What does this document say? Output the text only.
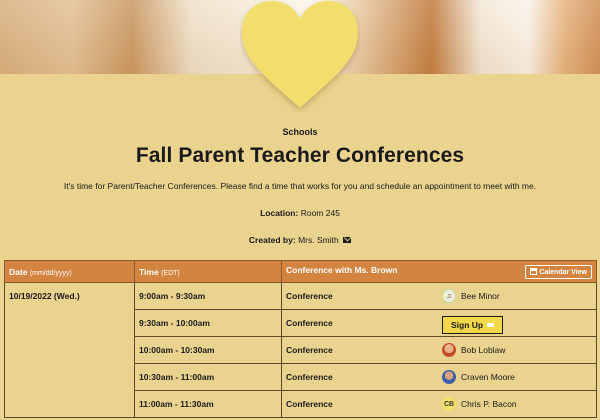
Schools
Fall Parent Teacher Conferences
It's time for Parent/Teacher Conferences. Please find a time that works for you and schedule an appointment to meet with me.
Location: Room 245
Created by: Mrs. Smith
Date (mm/dd/yyyy)	Time (EDT)	Conference with Ms. Brown Calendar View

10/19/2022 (Wed.)	9:00am - 9:30am	Conference ♫ Bee Minor

	9:30am - 10:00am	Conference Sign Up

	10:00am - 10:30am	Conference Bob Loblaw

	10:30am - 11:00am	Conference Craven Moore

	11:00am - 11:30am	Conference CB Chris P. Bacon
